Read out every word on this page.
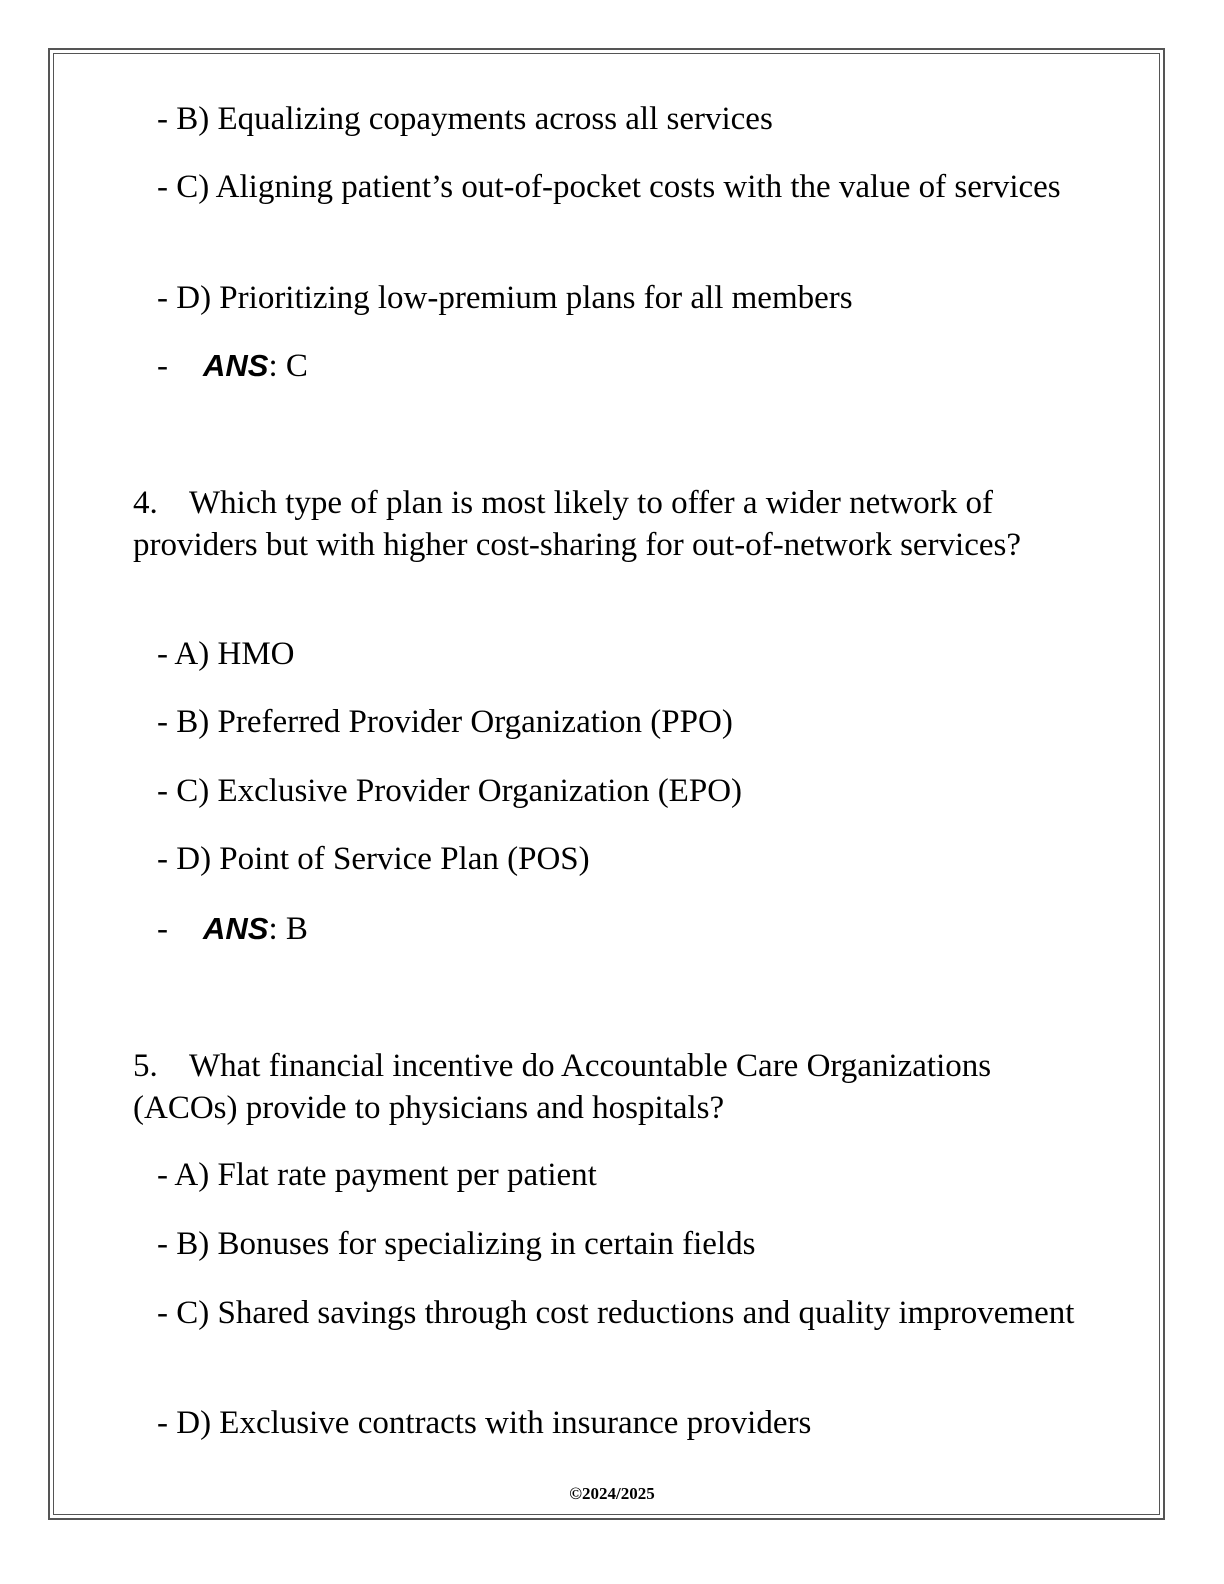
- B) Equalizing copayments across all services

- C) Aligning patient’s out-of-pocket costs with the value of services

- D) Prioritizing low-premium plans for all members

- ANS: C

4. Which type of plan is most likely to offer a wider network of providers but with higher cost-sharing for out-of-network services?

- A) HMO

- B) Preferred Provider Organization (PPO)

- C) Exclusive Provider Organization (EPO)

- D) Point of Service Plan (POS)

- ANS: B

5. What financial incentive do Accountable Care Organizations (ACOs) provide to physicians and hospitals?

- A) Flat rate payment per patient

- B) Bonuses for specializing in certain fields

- C) Shared savings through cost reductions and quality improvement

- D) Exclusive contracts with insurance providers

©2024/2025
